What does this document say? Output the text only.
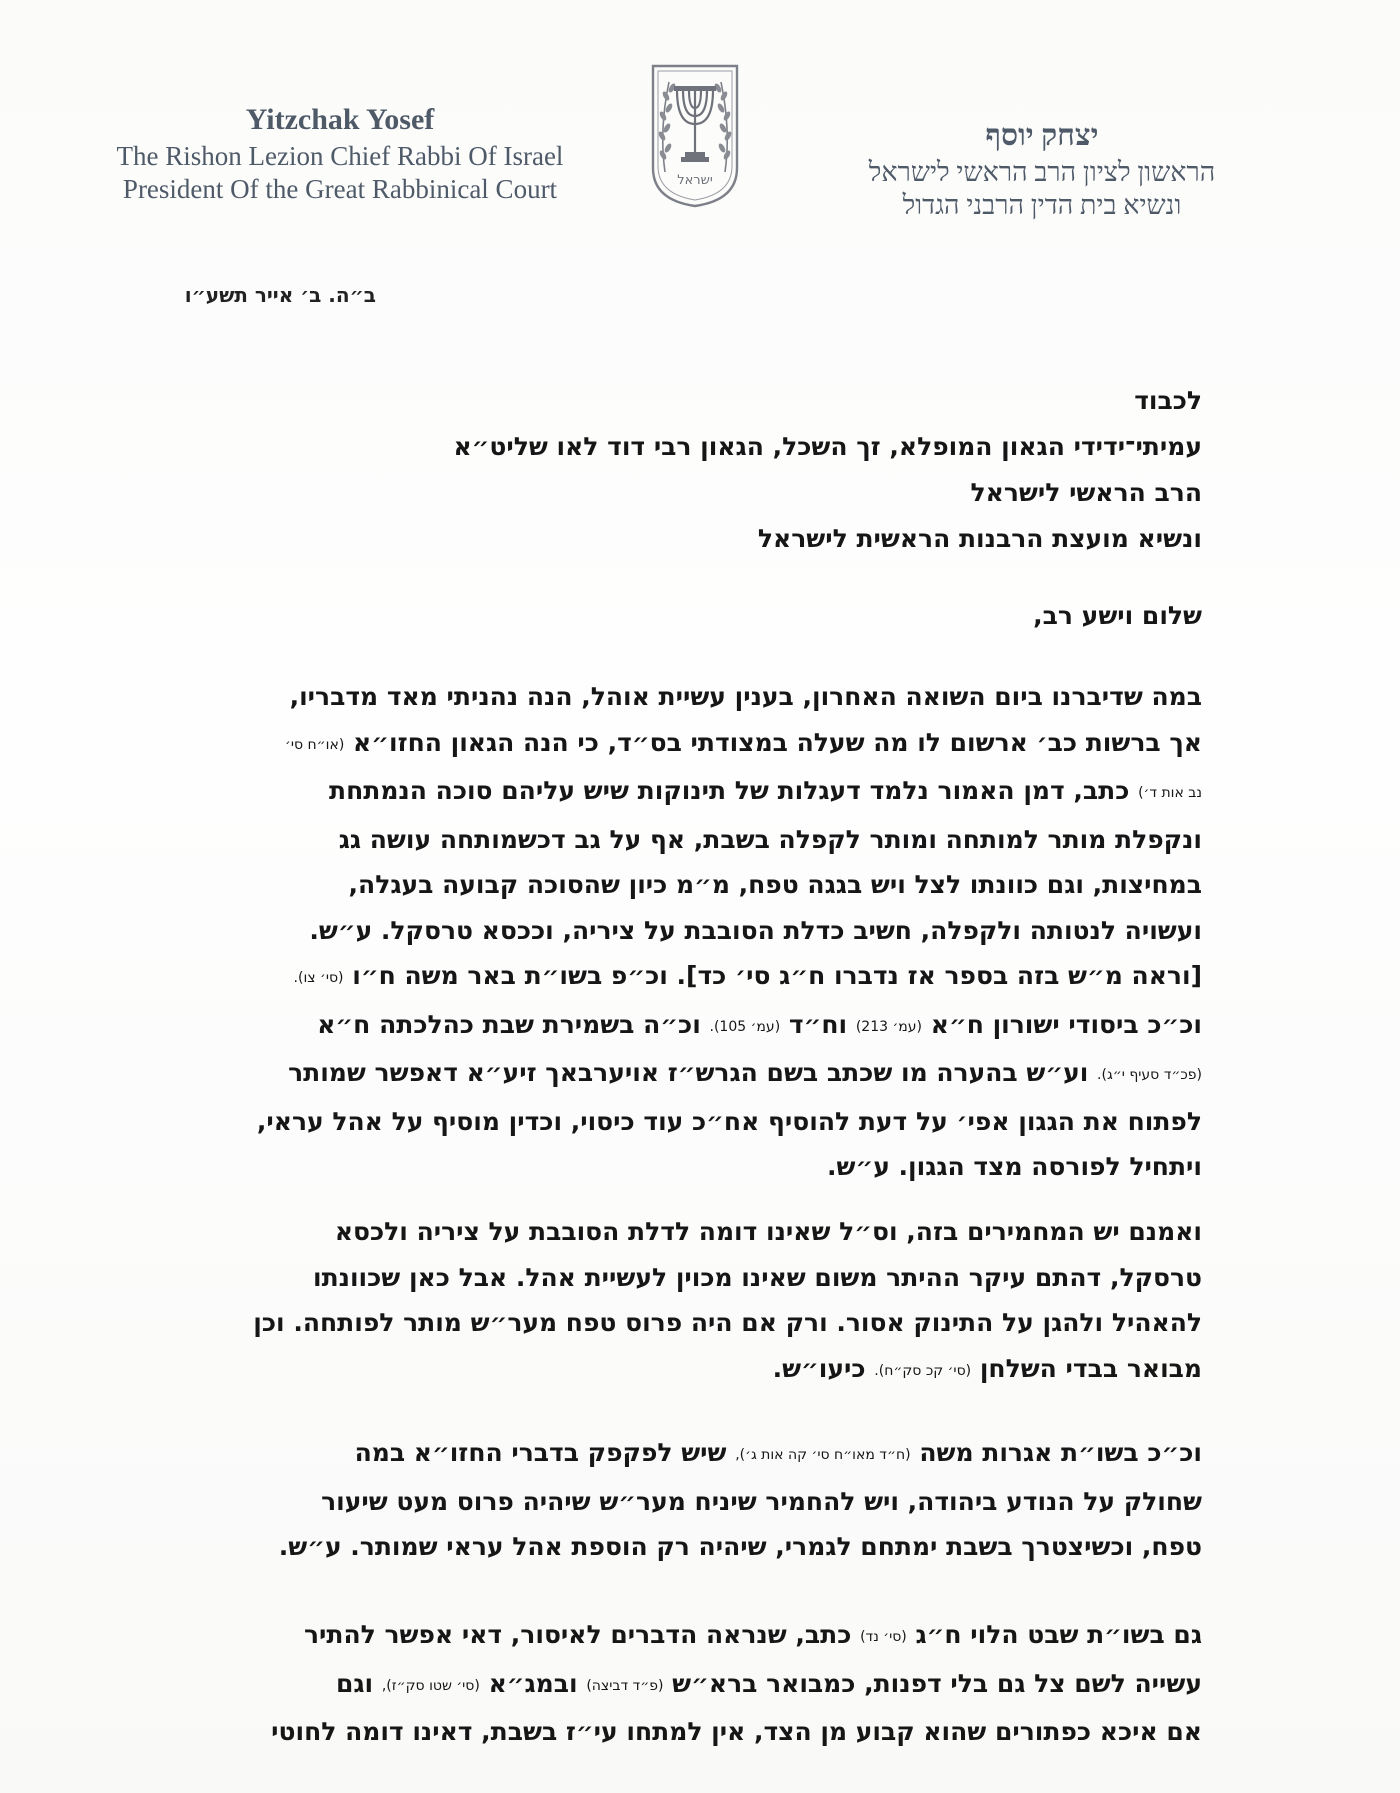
Yitzchak Yosef
The Rishon Lezion Chief Rabbi Of Israel
President Of the Great Rabbinical Court	ישראל
יצחק יוסף
הראשון לציון הרב הראשי לישראל
ונשיא בית הדין הרבני הגדול
ב״ה. ב׳ אייר תשע״ו
לכבוד
עמיתי־ידידי הגאון המופלא, זך השכל, הגאון רבי דוד לאו שליט״א
הרב הראשי לישראל
ונשיא מועצת הרבנות הראשית לישראל
שלום וישע רב,
במה שדיברנו ביום השואה האחרון, בענין עשיית אוהל, הנה נהניתי מאד מדבריו,
אך ברשות כב׳ ארשום לו מה שעלה במצודתי בס״ד, כי הנה הגאון החזו״א (או״ח סי׳
נב אות ד׳) כתב, דמן האמור נלמד דעגלות של תינוקות שיש עליהם סוכה הנמתחת
ונקפלת מותר למותחה ומותר לקפלה בשבת, אף על גב דכשמותחה עושה גג
במחיצות, וגם כוונתו לצל ויש בגגה טפח, מ״מ כיון שהסוכה קבועה בעגלה,
ועשויה לנטותה ולקפלה, חשיב כדלת הסובבת על ציריה, וככסא טרסקל. ע״ש.
[וראה מ״ש בזה בספר אז נדברו ח״ג סי׳ כד]. וכ״פ בשו״ת באר משה ח״ו (סי׳ צו).
וכ״כ ביסודי ישורון ח״א (עמ׳ 213) וח״ד (עמ׳ 105). וכ״ה בשמירת שבת כהלכתה ח״א
(פכ״ד סעיף י״ג). וע״ש בהערה מו שכתב בשם הגרש״ז אויערבאך זיע״א דאפשר שמותר
לפתוח את הגגון אפי׳ על דעת להוסיף אח״כ עוד כיסוי, וכדין מוסיף על אהל עראי,
ויתחיל לפורסה מצד הגגון. ע״ש.
ואמנם יש המחמירים בזה, וס״ל שאינו דומה לדלת הסובבת על ציריה ולכסא
טרסקל, דהתם עיקר ההיתר משום שאינו מכוין לעשיית אהל. אבל כאן שכוונתו
להאהיל ולהגן על התינוק אסור. ורק אם היה פרוס טפח מער״ש מותר לפותחה. וכן
מבואר בבדי השלחן (סי׳ קכ סק״ח). כיעו״ש.
וכ״כ בשו״ת אגרות משה (ח״ד מאו״ח סי׳ קה אות ג׳), שיש לפקפק בדברי החזו״א במה
שחולק על הנודע ביהודה, ויש להחמיר שיניח מער״ש שיהיה פרוס מעט שיעור
טפח, וכשיצטרך בשבת ימתחם לגמרי, שיהיה רק הוספת אהל עראי שמותר. ע״ש.
גם בשו״ת שבט הלוי ח״ג (סי׳ נד) כתב, שנראה הדברים לאיסור, דאי אפשר להתיר
עשייה לשם צל גם בלי דפנות, כמבואר ברא״ש (פ״ד דביצה) ובמג״א (סי׳ שטו סק״ז), וגם
אם איכא כפתורים שהוא קבוע מן הצד, אין למתחו עי״ז בשבת, דאינו דומה לחוטי
